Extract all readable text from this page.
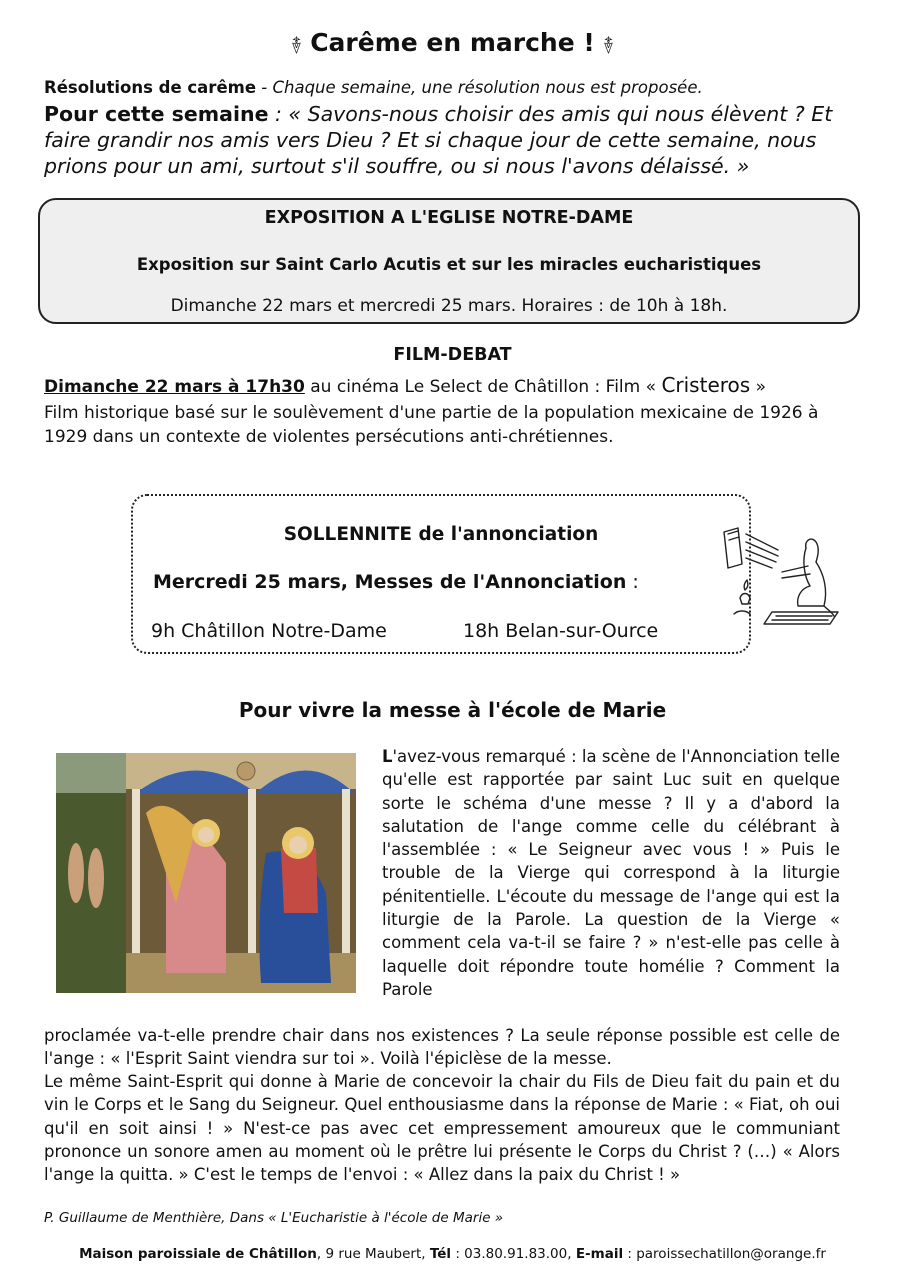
࿈ Carême en marche ! ࿈
Résolutions de carême - Chaque semaine, une résolution nous est proposée.
Pour cette semaine : « Savons-nous choisir des amis qui nous élèvent ? Et faire grandir nos amis vers Dieu ? Et si chaque jour de cette semaine, nous prions pour un ami, surtout s'il souffre, ou si nous l'avons délaissé. »
EXPOSITION A L'EGLISE NOTRE-DAME
Exposition sur Saint Carlo Acutis et sur les miracles eucharistiques
Dimanche 22 mars et mercredi 25 mars. Horaires : de 10h à 18h.
FILM-DEBAT
Dimanche 22 mars à 17h30 au cinéma Le Select de Châtillon : Film « Cristeros »
Film historique basé sur le soulèvement d'une partie de la population mexicaine de 1926 à 1929 dans un contexte de violentes persécutions anti-chrétiennes.
SOLLENNITE de l'annonciation
Mercredi 25 mars, Messes de l'Annonciation :
9h Châtillon Notre-Dame	18h Belan-sur-Ource
Pour vivre la messe à l'école de Marie
L'avez-vous remarqué : la scène de l'Annonciation telle qu'elle est rapportée par saint Luc suit en quelque sorte le schéma d'une messe ? Il y a d'abord la salutation de l'ange comme celle du célébrant à l'assemblée : « Le Seigneur avec vous ! » Puis le trouble de la Vierge qui correspond à la liturgie pénitentielle. L'écoute du message de l'ange qui est la liturgie de la Parole. La question de la Vierge « comment cela va-t-il se faire ? » n'est-elle pas celle à laquelle doit répondre toute homélie ? Comment la Parole
proclamée va-t-elle prendre chair dans nos existences ? La seule réponse possible est celle de l'ange : « l'Esprit Saint viendra sur toi ». Voilà l'épiclèse de la messe.
Le même Saint-Esprit qui donne à Marie de concevoir la chair du Fils de Dieu fait du pain et du vin le Corps et le Sang du Seigneur. Quel enthousiasme dans la réponse de Marie : « Fiat, oh oui qu'il en soit ainsi ! » N'est-ce pas avec cet empressement amoureux que le communiant prononce un sonore amen au moment où le prêtre lui présente le Corps du Christ ? (…) « Alors l'ange la quitta. » C'est le temps de l'envoi : « Allez dans la paix du Christ ! »
P. Guillaume de Menthière, Dans « L'Eucharistie à l'école de Marie »
Maison paroissiale de Châtillon, 9 rue Maubert, Tél : 03.80.91.83.00, E-mail : paroissechatillon@orange.fr
